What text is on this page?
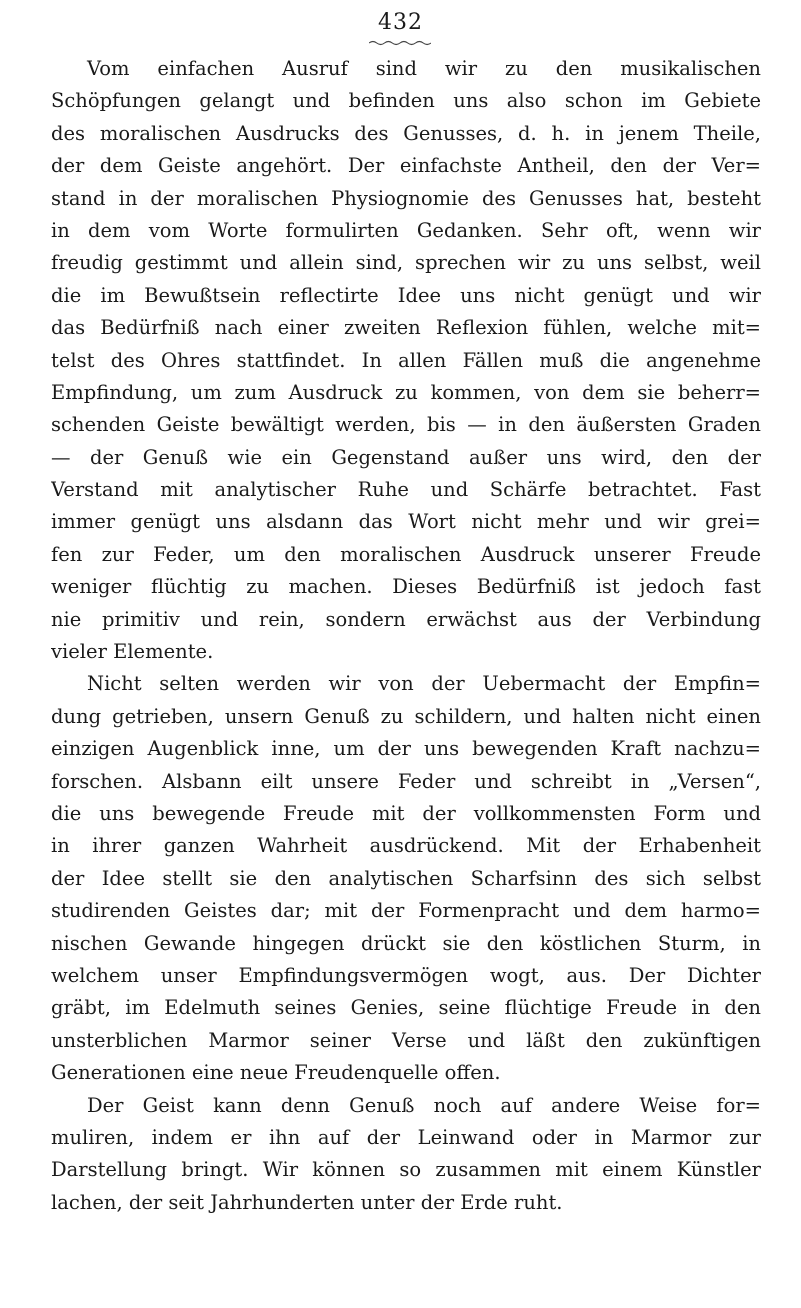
432
Vom einfachen Ausruf sind wir zu den musikalischen
Schöpfungen gelangt und befinden uns also schon im Gebiete
des moralischen Ausdrucks des Genusses, d. h. in jenem Theile,
der dem Geiste angehört. Der einfachste Antheil, den der Ver=
stand in der moralischen Physiognomie des Genusses hat, besteht
in dem vom Worte formulirten Gedanken. Sehr oft, wenn wir
freudig gestimmt und allein sind, sprechen wir zu uns selbst, weil
die im Bewußtsein reflectirte Idee uns nicht genügt und wir
das Bedürfniß nach einer zweiten Reflexion fühlen, welche mit=
telst des Ohres stattfindet. In allen Fällen muß die angenehme
Empfindung, um zum Ausdruck zu kommen, von dem sie beherr=
schenden Geiste bewältigt werden, bis — in den äußersten Graden
— der Genuß wie ein Gegenstand außer uns wird, den der
Verstand mit analytischer Ruhe und Schärfe betrachtet. Fast
immer genügt uns alsdann das Wort nicht mehr und wir grei=
fen zur Feder, um den moralischen Ausdruck unserer Freude
weniger flüchtig zu machen. Dieses Bedürfniß ist jedoch fast
nie primitiv und rein, sondern erwächst aus der Verbindung
vieler Elemente.
Nicht selten werden wir von der Uebermacht der Empfin=
dung getrieben, unsern Genuß zu schildern, und halten nicht einen
einzigen Augenblick inne, um der uns bewegenden Kraft nachzu=
forschen. Alsbann eilt unsere Feder und schreibt in „Versen“,
die uns bewegende Freude mit der vollkommensten Form und
in ihrer ganzen Wahrheit ausdrückend. Mit der Erhabenheit
der Idee stellt sie den analytischen Scharfsinn des sich selbst
studirenden Geistes dar; mit der Formenpracht und dem harmo=
nischen Gewande hingegen drückt sie den köstlichen Sturm, in
welchem unser Empfindungsvermögen wogt, aus. Der Dichter
gräbt, im Edelmuth seines Genies, seine flüchtige Freude in den
unsterblichen Marmor seiner Verse und läßt den zukünftigen
Generationen eine neue Freudenquelle offen.
Der Geist kann denn Genuß noch auf andere Weise for=
muliren, indem er ihn auf der Leinwand oder in Marmor zur
Darstellung bringt. Wir können so zusammen mit einem Künstler
lachen, der seit Jahrhunderten unter der Erde ruht.
